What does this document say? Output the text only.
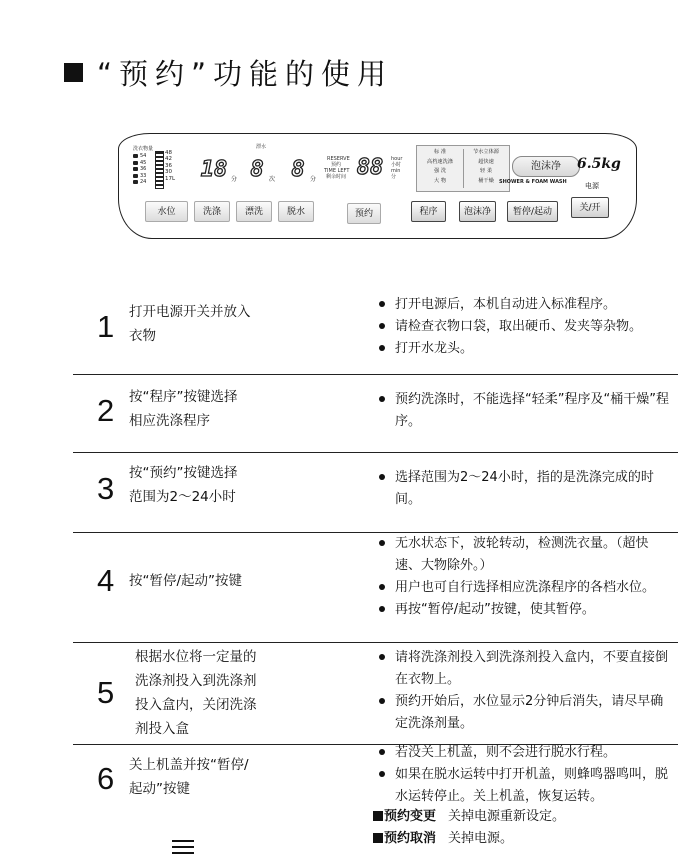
“预约”功能的使用
洗衣物量
54
45
36
33
24
48
42
36
30
17L 18 分
漂水
8 次 8 分
RESERVE
预约
TIME LEFT
剩余时间 88	hour
小时
min
分
标 准
高档速洗涤
强 洗
大 物
节水立体源
超快速
轻 柔
桶干燥
泡沫净
SHOWER & FOAM WASH
6.5kg
电源
水位	洗涤	漂洗	脱水	预约	程序	泡沫净	暂停/起动	关/开
1 打开电源开关并放入
衣物
打开电源后，本机自动进入标准程序。
请检查衣物口袋，取出硬币、发夹等杂物。
打开水龙头。
2 按“程序”按键选择
相应洗涤程序
预约洗涤时，不能选择“轻柔”程序及“桶干燥”程序。
3 按“预约”按键选择
范围为2～24小时
选择范围为2～24小时，指的是洗涤完成的时间。
4 按“暂停/起动”按键
无水状态下，波轮转动，检测洗衣量。（超快速、大物除外。）
用户也可自行选择相应洗涤程序的各档水位。
再按“暂停/起动”按键，使其暂停。
5
根据水位将一定量的
洗涤剂投入到洗涤剂
投入盒内，关闭洗涤
剂投入盒
请将洗涤剂投入到洗涤剂投入盒内，不要直接倒在衣物上。
预约开始后，水位显示2分钟后消失，请尽早确定洗涤剂量。
6 关上机盖并按“暂停/
起动”按键
若没关上机盖，则不会进行脱水行程。
如果在脱水运转中打开机盖，则蜂鸣器鸣叫，脱水运转停止。关上机盖，恢复运转。
预约变更 关掉电源重新设定。
预约取消 关掉电源。
